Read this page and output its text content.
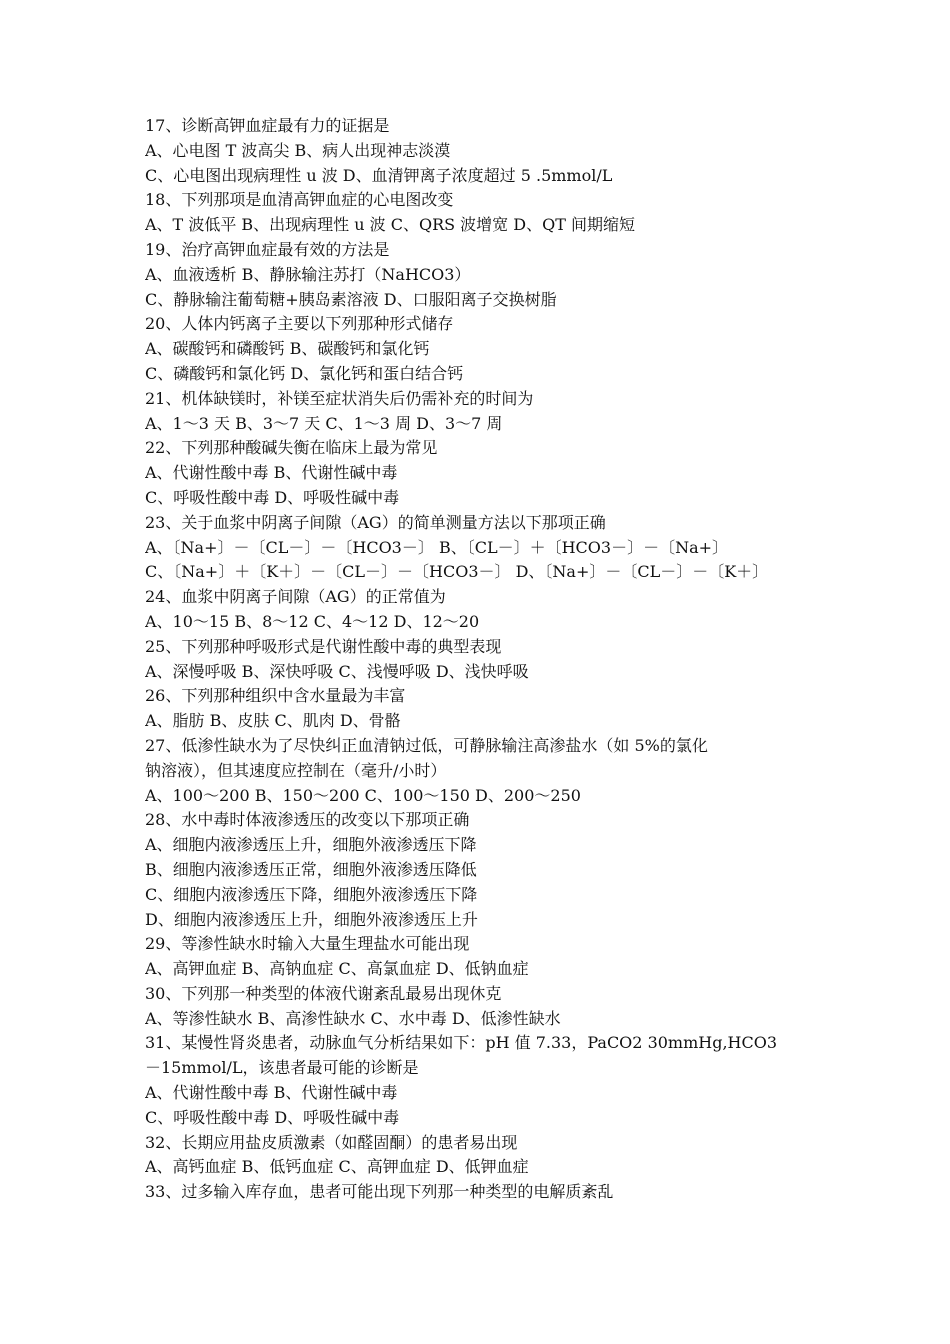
17、诊断高钾血症最有力的证据是
A、心电图 T 波高尖 B、病人出现神志淡漠
C、心电图出现病理性 u 波 D、血清钾离子浓度超过 5 .5mmol/L
18、下列那项是血清高钾血症的心电图改变
A、T 波低平 B、出现病理性 u 波 C、QRS 波增宽 D、QT 间期缩短
19、治疗高钾血症最有效的方法是
A、血液透析 B、静脉输注苏打（NaHCO3）
C、静脉输注葡萄糖+胰岛素溶液 D、口服阳离子交换树脂
20、人体内钙离子主要以下列那种形式储存
A、碳酸钙和磷酸钙 B、碳酸钙和氯化钙
C、磷酸钙和氯化钙 D、氯化钙和蛋白结合钙
21、机体缺镁时，补镁至症状消失后仍需补充的时间为
A、1～3 天 B、3～7 天 C、1～3 周 D、3～7 周
22、下列那种酸碱失衡在临床上最为常见
A、代谢性酸中毒 B、代谢性碱中毒
C、呼吸性酸中毒 D、呼吸性碱中毒
23、关于血浆中阴离子间隙（AG）的简单测量方法以下那项正确
A、〔Na+〕－〔CL－〕－〔HCO3－〕 B、〔CL－〕＋〔HCO3－〕－〔Na+〕
C、〔Na+〕＋〔K＋〕－〔CL－〕－〔HCO3－〕 D、〔Na+〕－〔CL－〕－〔K＋〕
24、血浆中阴离子间隙（AG）的正常值为
A、10～15 B、8～12 C、4～12 D、12～20
25、下列那种呼吸形式是代谢性酸中毒的典型表现
A、深慢呼吸 B、深快呼吸 C、浅慢呼吸 D、浅快呼吸
26、下列那种组织中含水量最为丰富
A、脂肪 B、皮肤 C、肌肉 D、骨骼
27、低渗性缺水为了尽快纠正血清钠过低，可静脉输注高渗盐水（如 5%的氯化
钠溶液），但其速度应控制在（毫升/小时）
A、100～200 B、150～200 C、100～150 D、200～250
28、水中毒时体液渗透压的改变以下那项正确
A、细胞内液渗透压上升，细胞外液渗透压下降
B、细胞内液渗透压正常，细胞外液渗透压降低
C、细胞内液渗透压下降，细胞外液渗透压下降
D、细胞内液渗透压上升，细胞外液渗透压上升
29、等渗性缺水时输入大量生理盐水可能出现
A、高钾血症 B、高钠血症 C、高氯血症 D、低钠血症
30、下列那一种类型的体液代谢紊乱最易出现休克
A、等渗性缺水 B、高渗性缺水 C、水中毒 D、低渗性缺水
31、某慢性肾炎患者，动脉血气分析结果如下：pH 值 7.33，PaCO2 30mmHg,HCO3
－15mmol/L，该患者最可能的诊断是
A、代谢性酸中毒 B、代谢性碱中毒
C、呼吸性酸中毒 D、呼吸性碱中毒
32、长期应用盐皮质激素（如醛固酮）的患者易出现
A、高钙血症 B、低钙血症 C、高钾血症 D、低钾血症
33、过多输入库存血，患者可能出现下列那一种类型的电解质紊乱
